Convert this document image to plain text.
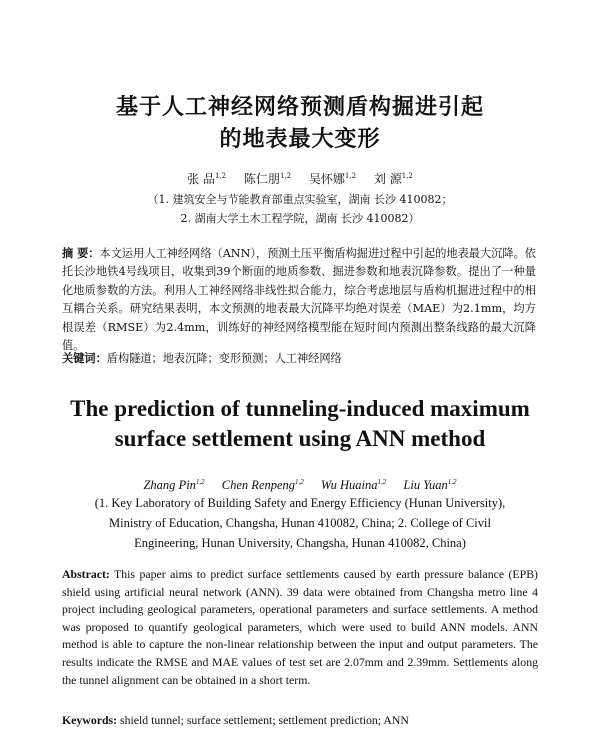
基于人工神经网络预测盾构掘进引起
的地表最大变形
张 品$^{1,2}$ 陈仁朋$^{1,2}$ 吴怀娜$^{1,2}$ 刘 源$^{1,2}$
（1. 建筑安全与节能教育部重点实验室，湖南 长沙 410082；
2. 湖南大学土木工程学院，湖南 长沙 410082）
摘 要：本文运用人工神经网络（ANN），预测土压平衡盾构掘进过程中引起的地表最大沉降。依托长沙地铁4号线项目，收集到39个断面的地质参数、掘进参数和地表沉降参数。提出了一种量化地质参数的方法。利用人工神经网络非线性拟合能力，综合考虑地层与盾构机掘进过程中的相互耦合关系。研究结果表明，本文预测的地表最大沉降平均绝对误差（MAE）为2.1mm，均方根误差（RMSE）为2.4mm，训练好的神经网络模型能在短时间内预测出整条线路的最大沉降值。
关键词：盾构隧道；地表沉降；变形预测；人工神经网络
The prediction of tunneling-induced maximum
surface settlement using ANN method
Zhang Pin$^{1,2}$ Chen Renpeng$^{1,2}$ Wu Huaina$^{1,2}$ Liu Yuan$^{1,2}$
(1. Key Laboratory of Building Safety and Energy Efficiency (Hunan University),
Ministry of Education, Changsha, Hunan 410082, China; 2. College of Civil
Engineering, Hunan University, Changsha, Hunan 410082, China)
Abstract: This paper aims to predict surface settlements caused by earth pressure balance (EPB) shield using artificial neural network (ANN). 39 data were obtained from Changsha metro line 4 project including geological parameters, operational parameters and surface settlements. A method was proposed to quantify geological parameters, which were used to build ANN models. ANN method is able to capture the non-linear relationship between the input and output parameters. The results indicate the RMSE and MAE values of test set are 2.07mm and 2.39mm. Settlements along the tunnel alignment can be obtained in a short term.
Keywords: shield tunnel; surface settlement; settlement prediction; ANN
